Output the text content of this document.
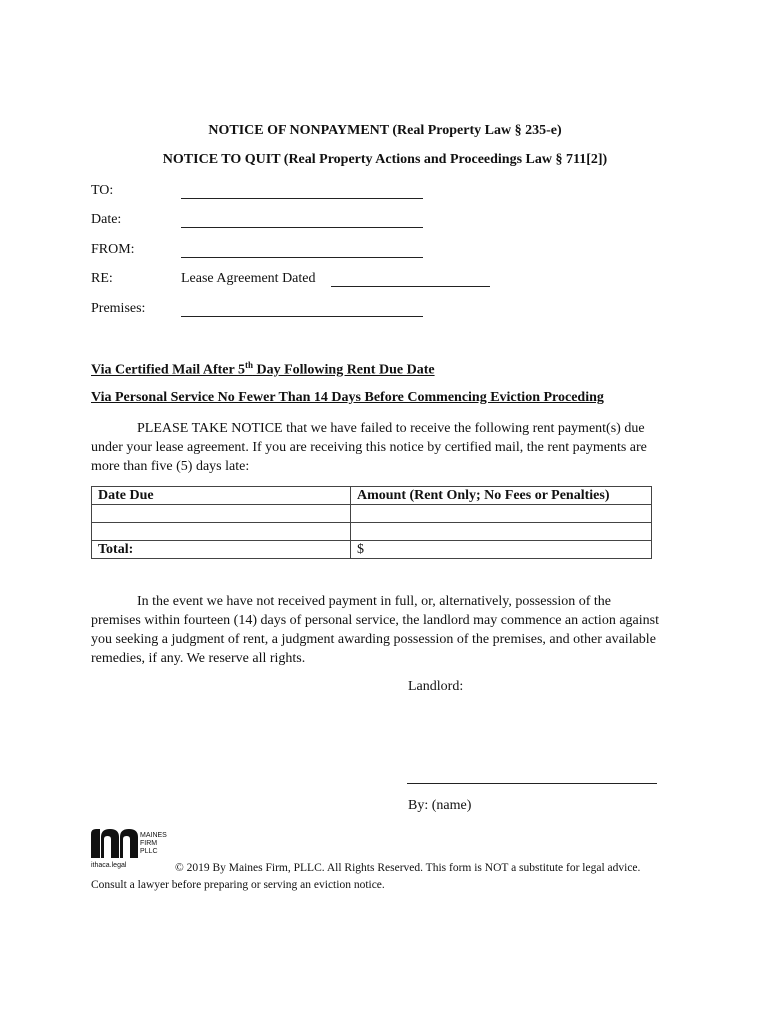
NOTICE OF NONPAYMENT (Real Property Law § 235-e)
NOTICE TO QUIT (Real Property Actions and Proceedings Law § 711[2])
TO:
Date:
FROM:
RE:	Lease Agreement Dated
Premises:
Via Certified Mail After 5th Day Following Rent Due Date
Via Personal Service No Fewer Than 14 Days Before Commencing Eviction Proceding
PLEASE TAKE NOTICE that we have failed to receive the following rent payment(s) due under your lease agreement. If you are receiving this notice by certified mail, the rent payments are more than five (5) days late:
Date Due	Amount (Rent Only; No Fees or Penalties)

Total:	$
In the event we have not received payment in full, or, alternatively, possession of the premises within fourteen (14) days of personal service, the landlord may commence an action against you seeking a judgment of rent, a judgment awarding possession of the premises, and other available remedies, if any. We reserve all rights.
Landlord:
By: (name)
MAINES
FIRM
PLLC
ithaca.legal	© 2019 By Maines Firm, PLLC. All Rights Reserved. This form is NOT a substitute for legal advice. Consult a lawyer before preparing or serving an eviction notice.
